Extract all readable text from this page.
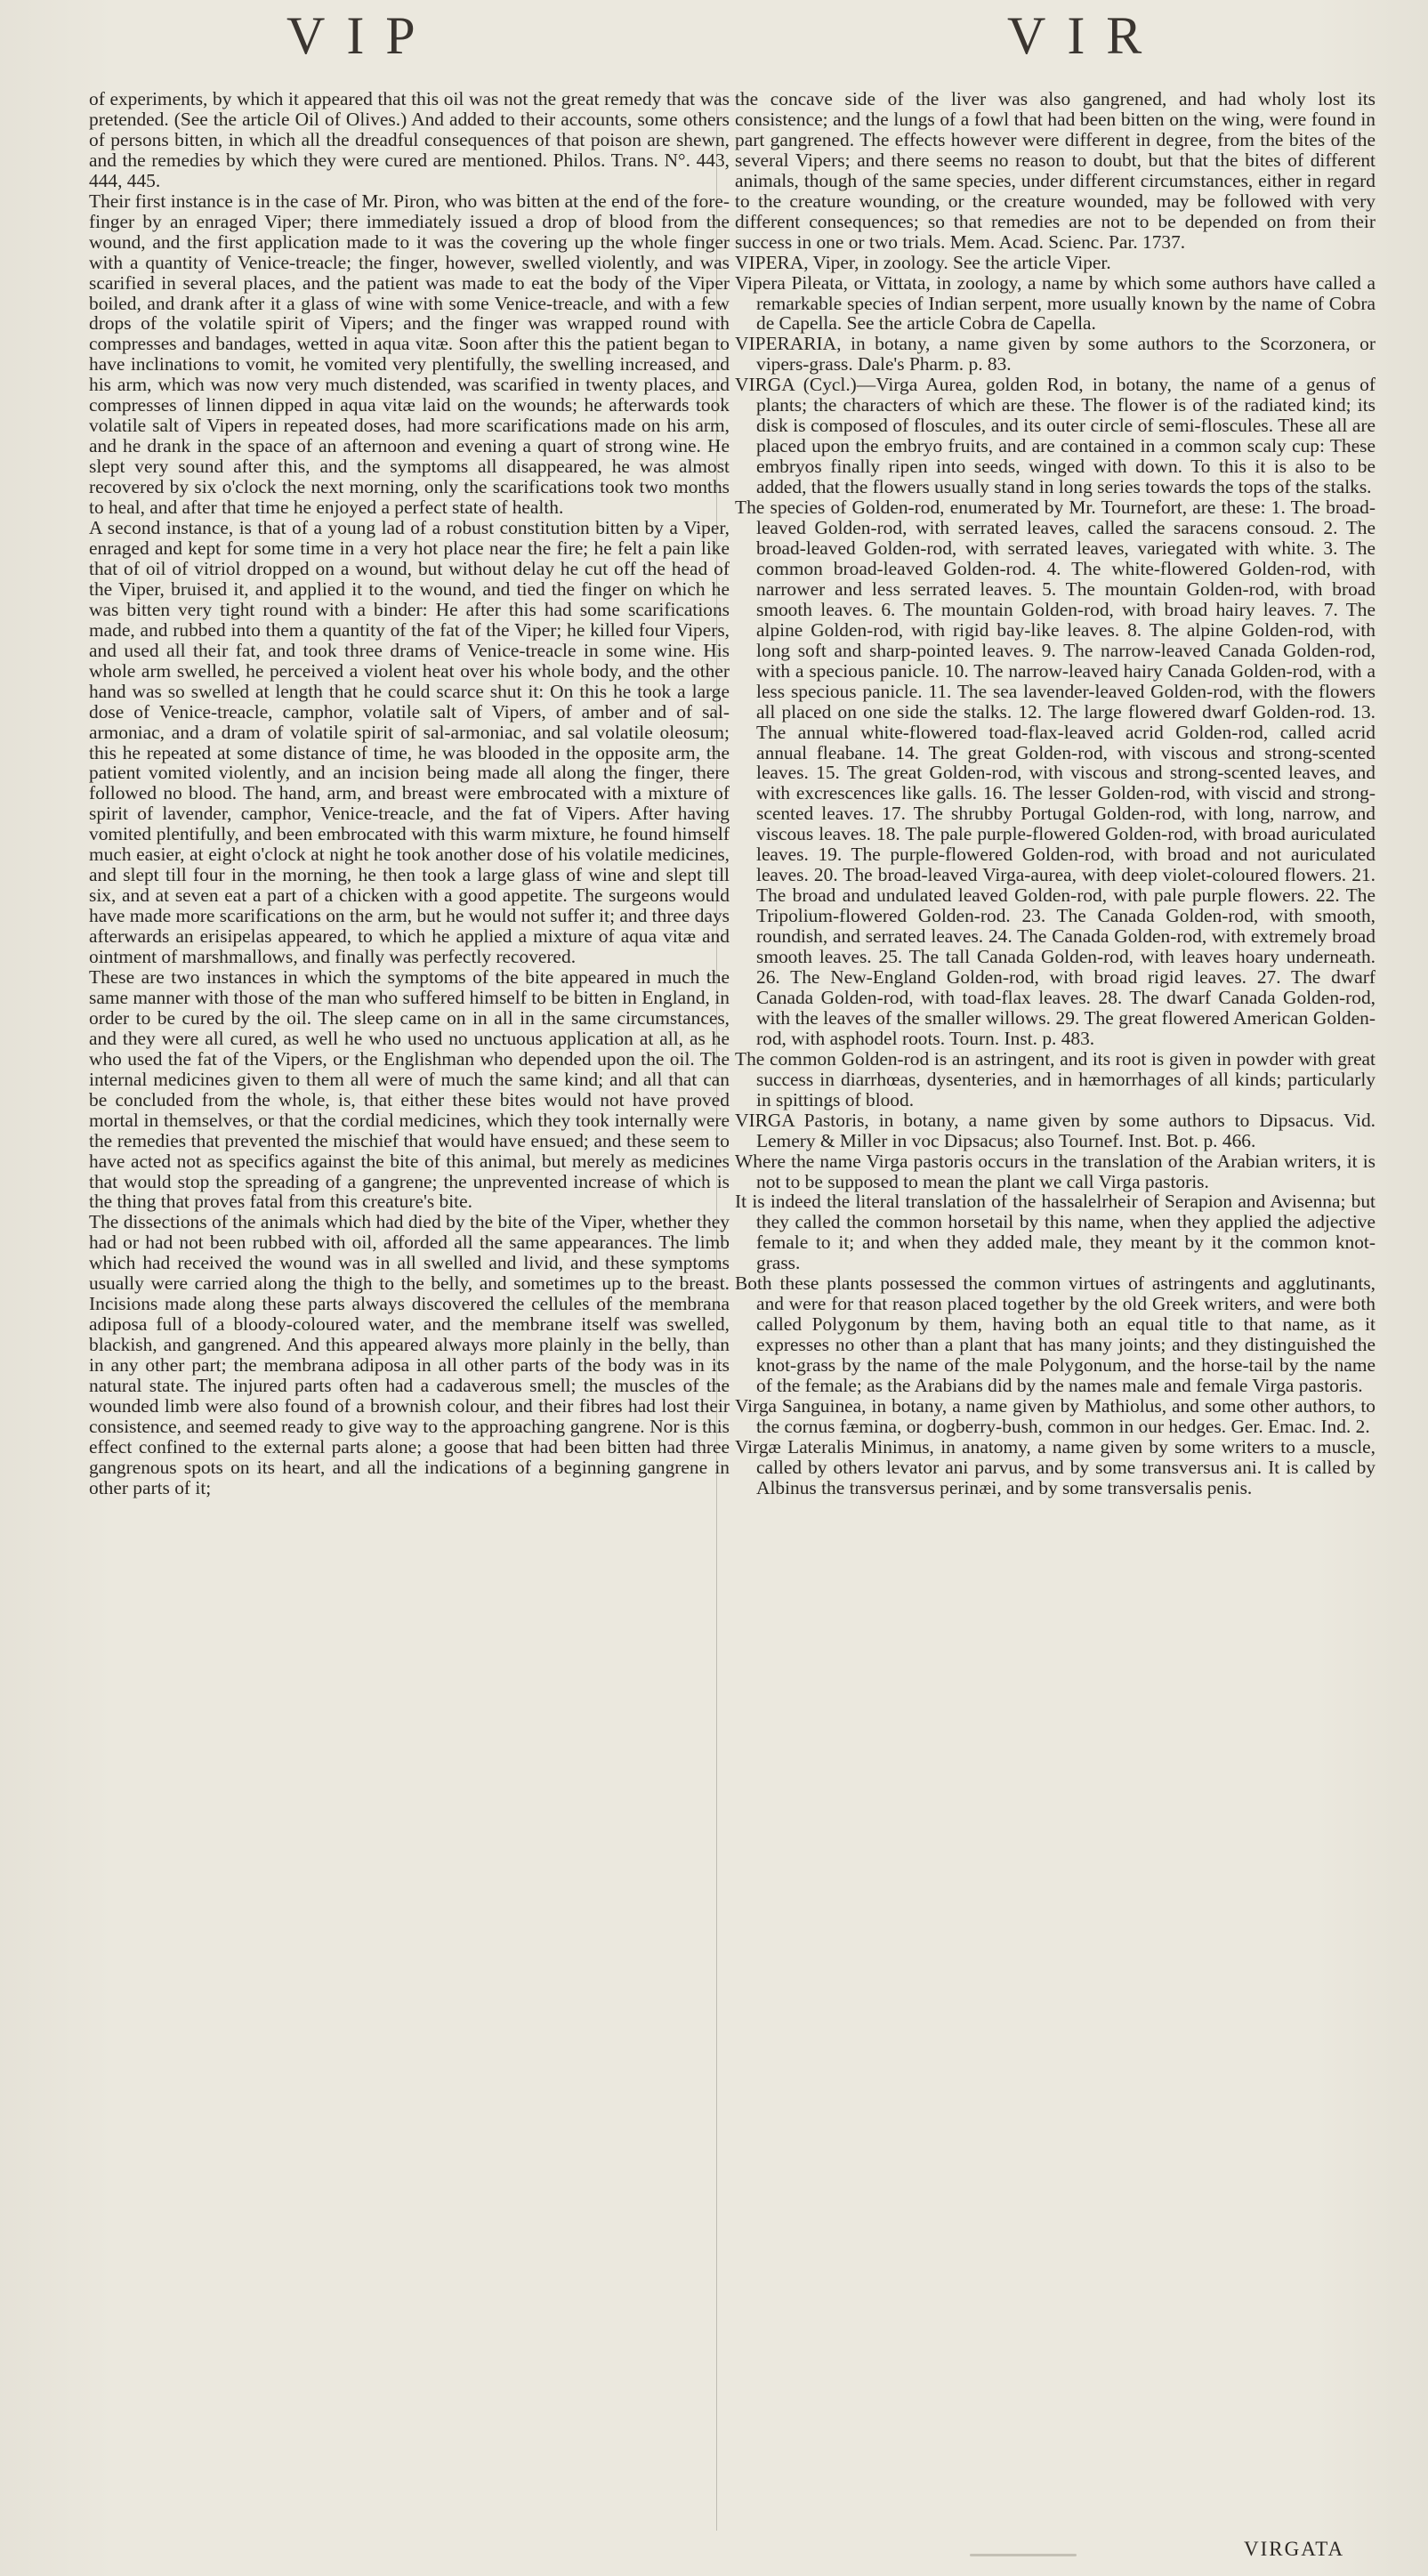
VIP	VIR

of experiments, by which it appeared that this oil was not the great remedy that was pretended. (See the article Oil of Olives.) And added to their accounts, some others of persons bitten, in which all the dreadful consequences of that poison are shewn, and the remedies by which they were cured are mentioned. Philos. Trans. N°. 443, 444, 445.

Their first instance is in the case of Mr. Piron, who was bitten at the end of the fore-finger by an enraged Viper; there immediately issued a drop of blood from the wound, and the first application made to it was the covering up the whole finger with a quantity of Venice-treacle; the finger, however, swelled violently, and was scarified in several places, and the patient was made to eat the body of the Viper boiled, and drank after it a glass of wine with some Venice-treacle, and with a few drops of the volatile spirit of Vipers; and the finger was wrapped round with compresses and bandages, wetted in aqua vitæ. Soon after this the patient began to have inclinations to vomit, he vomited very plentifully, the swelling increased, and his arm, which was now very much distended, was scarified in twenty places, and compresses of linnen dipped in aqua vitæ laid on the wounds; he afterwards took volatile salt of Vipers in repeated doses, had more scarifications made on his arm, and he drank in the space of an afternoon and evening a quart of strong wine. He slept very sound after this, and the symptoms all disappeared, he was almost recovered by six o'clock the next morning, only the scarifications took two months to heal, and after that time he enjoyed a perfect state of health.

A second instance, is that of a young lad of a robust constitution bitten by a Viper, enraged and kept for some time in a very hot place near the fire; he felt a pain like that of oil of vitriol dropped on a wound, but without delay he cut off the head of the Viper, bruised it, and applied it to the wound, and tied the finger on which he was bitten very tight round with a binder: He after this had some scarifications made, and rubbed into them a quantity of the fat of the Viper; he killed four Vipers, and used all their fat, and took three drams of Venice-treacle in some wine. His whole arm swelled, he perceived a violent heat over his whole body, and the other hand was so swelled at length that he could scarce shut it: On this he took a large dose of Venice-treacle, camphor, volatile salt of Vipers, of amber and of sal-armoniac, and a dram of volatile spirit of sal-armoniac, and sal volatile oleosum; this he repeated at some distance of time, he was blooded in the opposite arm, the patient vomited violently, and an incision being made all along the finger, there followed no blood. The hand, arm, and breast were embrocated with a mixture of spirit of lavender, camphor, Venice-treacle, and the fat of Vipers. After having vomited plentifully, and been embrocated with this warm mixture, he found himself much easier, at eight o'clock at night he took another dose of his volatile medicines, and slept till four in the morning, he then took a large glass of wine and slept till six, and at seven eat a part of a chicken with a good appetite. The surgeons would have made more scarifications on the arm, but he would not suffer it; and three days afterwards an erisipelas appeared, to which he applied a mixture of aqua vitæ and ointment of marshmallows, and finally was perfectly recovered.

These are two instances in which the symptoms of the bite appeared in much the same manner with those of the man who suffered himself to be bitten in England, in order to be cured by the oil. The sleep came on in all in the same circumstances, and they were all cured, as well he who used no unctuous application at all, as he who used the fat of the Vipers, or the Englishman who depended upon the oil. The internal medicines given to them all were of much the same kind; and all that can be concluded from the whole, is, that either these bites would not have proved mortal in themselves, or that the cordial medicines, which they took internally were the remedies that prevented the mischief that would have ensued; and these seem to have acted not as specifics against the bite of this animal, but merely as medicines that would stop the spreading of a gangrene; the unprevented increase of which is the thing that proves fatal from this creature's bite.

The dissections of the animals which had died by the bite of the Viper, whether they had or had not been rubbed with oil, afforded all the same appearances. The limb which had received the wound was in all swelled and livid, and these symptoms usually were carried along the thigh to the belly, and sometimes up to the breast. Incisions made along these parts always discovered the cellules of the membrana adiposa full of a bloody-coloured water, and the membrane itself was swelled, blackish, and gangrened. And this appeared always more plainly in the belly, than in any other part; the membrana adiposa in all other parts of the body was in its natural state. The injured parts often had a cadaverous smell; the muscles of the wounded limb were also found of a brownish colour, and their fibres had lost their consistence, and seemed ready to give way to the approaching gangrene. Nor is this effect confined to the external parts alone; a goose that had been bitten had three gangrenous spots on its heart, and all the indications of a beginning gangrene in other parts of it;

the concave side of the liver was also gangrened, and had wholy lost its consistence; and the lungs of a fowl that had been bitten on the wing, were found in part gangrened. The effects however were different in degree, from the bites of the several Vipers; and there seems no reason to doubt, but that the bites of different animals, though of the same species, under different circumstances, either in regard to the creature wounding, or the creature wounded, may be followed with very different consequences; so that remedies are not to be depended on from their success in one or two trials. Mem. Acad. Scienc. Par. 1737.

VIPERA, Viper, in zoology. See the article Viper.

Vipera Pileata, or Vittata, in zoology, a name by which some authors have called a remarkable species of Indian serpent, more usually known by the name of Cobra de Capella. See the article Cobra de Capella.

VIPERARIA, in botany, a name given by some authors to the Scorzonera, or vipers-grass. Dale's Pharm. p. 83.

VIRGA (Cycl.)—Virga Aurea, golden Rod, in botany, the name of a genus of plants; the characters of which are these. The flower is of the radiated kind; its disk is composed of floscules, and its outer circle of semi-floscules. These all are placed upon the embryo fruits, and are contained in a common scaly cup: These embryos finally ripen into seeds, winged with down. To this it is also to be added, that the flowers usually stand in long series towards the tops of the stalks.

The species of Golden-rod, enumerated by Mr. Tournefort, are these: 1. The broad-leaved Golden-rod, with serrated leaves, called the saracens consoud. 2. The broad-leaved Golden-rod, with serrated leaves, variegated with white. 3. The common broad-leaved Golden-rod. 4. The white-flowered Golden-rod, with narrower and less serrated leaves. 5. The mountain Golden-rod, with broad smooth leaves. 6. The mountain Golden-rod, with broad hairy leaves. 7. The alpine Golden-rod, with rigid bay-like leaves. 8. The alpine Golden-rod, with long soft and sharp-pointed leaves. 9. The narrow-leaved Canada Golden-rod, with a specious panicle. 10. The narrow-leaved hairy Canada Golden-rod, with a less specious panicle. 11. The sea lavender-leaved Golden-rod, with the flowers all placed on one side the stalks. 12. The large flowered dwarf Golden-rod. 13. The annual white-flowered toad-flax-leaved acrid Golden-rod, called acrid annual fleabane. 14. The great Golden-rod, with viscous and strong-scented leaves. 15. The great Golden-rod, with viscous and strong-scented leaves, and with excrescences like galls. 16. The lesser Golden-rod, with viscid and strong-scented leaves. 17. The shrubby Portugal Golden-rod, with long, narrow, and viscous leaves. 18. The pale purple-flowered Golden-rod, with broad auriculated leaves. 19. The purple-flowered Golden-rod, with broad and not auriculated leaves. 20. The broad-leaved Virga-aurea, with deep violet-coloured flowers. 21. The broad and undulated leaved Golden-rod, with pale purple flowers. 22. The Tripolium-flowered Golden-rod. 23. The Canada Golden-rod, with smooth, roundish, and serrated leaves. 24. The Canada Golden-rod, with extremely broad smooth leaves. 25. The tall Canada Golden-rod, with leaves hoary underneath. 26. The New-England Golden-rod, with broad rigid leaves. 27. The dwarf Canada Golden-rod, with toad-flax leaves. 28. The dwarf Canada Golden-rod, with the leaves of the smaller willows. 29. The great flowered American Golden-rod, with asphodel roots. Tourn. Inst. p. 483.

The common Golden-rod is an astringent, and its root is given in powder with great success in diarrhœas, dysenteries, and in hæmorrhages of all kinds; particularly in spittings of blood.

VIRGA Pastoris, in botany, a name given by some authors to Dipsacus. Vid. Lemery & Miller in voc Dipsacus; also Tournef. Inst. Bot. p. 466.

Where the name Virga pastoris occurs in the translation of the Arabian writers, it is not to be supposed to mean the plant we call Virga pastoris.

It is indeed the literal translation of the hassalelrheir of Serapion and Avisenna; but they called the common horsetail by this name, when they applied the adjective female to it; and when they added male, they meant by it the common knot-grass.

Both these plants possessed the common virtues of astringents and agglutinants, and were for that reason placed together by the old Greek writers, and were both called Polygonum by them, having both an equal title to that name, as it expresses no other than a plant that has many joints; and they distinguished the knot-grass by the name of the male Polygonum, and the horse-tail by the name of the female; as the Arabians did by the names male and female Virga pastoris.

Virga Sanguinea, in botany, a name given by Mathiolus, and some other authors, to the cornus fæmina, or dogberry-bush, common in our hedges. Ger. Emac. Ind. 2.

Virgæ Lateralis Minimus, in anatomy, a name given by some writers to a muscle, called by others levator ani parvus, and by some transversus ani. It is called by Albinus the transversus perinæi, and by some transversalis penis.

VIRGATA
